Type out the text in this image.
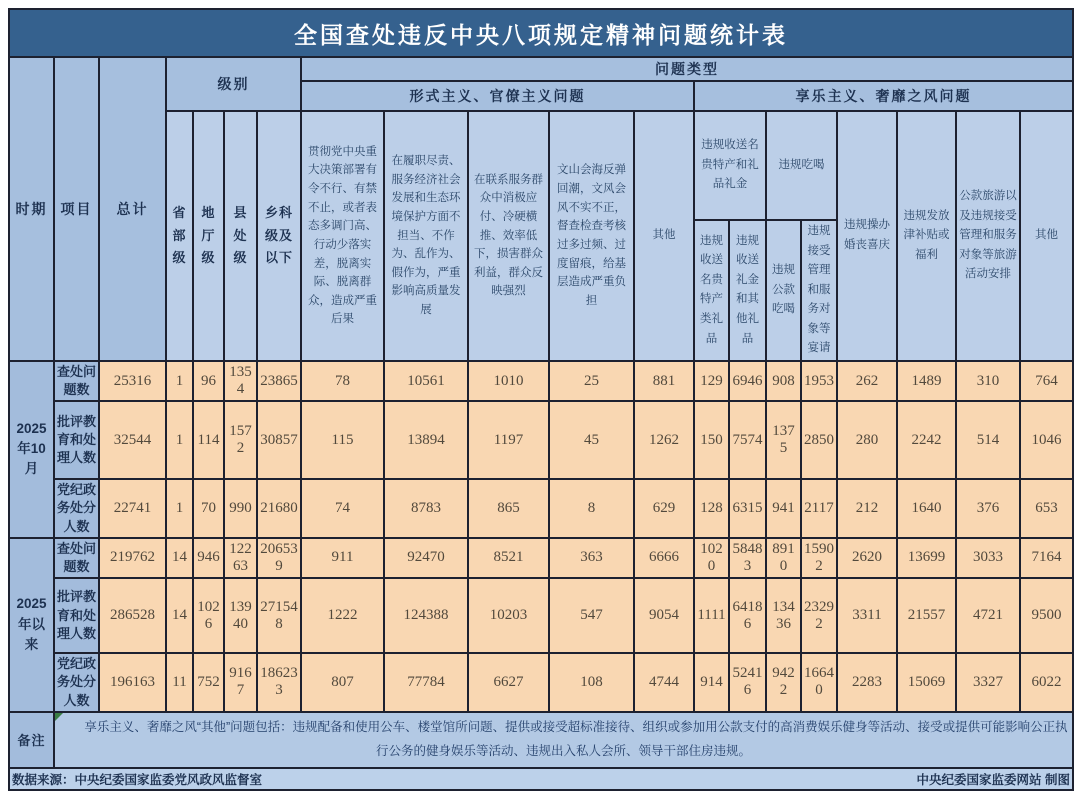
全国查处违反中央八项规定精神问题统计表																			
时期	项目	总计	级别				问题类型												
							形式主义、官僚主义问题					享乐主义、奢靡之风问题							
			省部级	地厅级	县处级	乡科级及以下	贯彻党中央重大决策部署有令不行、有禁不止，或者表态多调门高、行动少落实差，脱离实际、脱离群众，造成严重后果	在履职尽责、服务经济社会发展和生态环境保护方面不担当、不作为、乱作为、假作为，严重影响高质量发展	在联系服务群众中消极应付、冷硬横推、效率低下，损害群众利益，群众反映强烈	文山会海反弹回潮，文风会风不实不正，督查检查考核过多过频、过度留痕，给基层造成严重负担	其他	违规收送名贵特产和礼品礼金		违规吃喝		违规操办婚丧喜庆	违规发放津补贴或福利	公款旅游以及违规接受管理和服务对象等旅游活动安排	其他
												违规收送名贵特产类礼品	违规收送礼金和其他礼品	违规公款吃喝	违规接受管理和服务对象等宴请				
2025年10月	查处问题数	25316	1	96	1354	23865	78	10561	1010	25	881	129	6946	908	1953	262	1489	310	764
	批评教育和处理人数	32544	1	114	1572	30857	115	13894	1197	45	1262	150	7574	1375	2850	280	2242	514	1046
	党纪政务处分人数	22741	1	70	990	21680	74	8783	865	8	629	128	6315	941	2117	212	1640	376	653
2025年以来	查处问题数	219762	14	946	12263	206539	911	92470	8521	363	6666	1020	58483	8910	15902	2620	13699	3033	7164
	批评教育和处理人数	286528	14	1026	13940	271548	1222	124388	10203	547	9054	1111	64186	13436	23292	3311	21557	4721	9500
	党纪政务处分人数	196163	11	752	9167	186233	807	77784	6627	108	4744	914	52416	9422	16640	2283	15069	3327	6022
备注	享乐主义、奢靡之风“其他”问题包括：违规配备和使用公车、楼堂馆所问题、提供或接受超标准接待、组织或参加用公款支付的高消费娱乐健身等活动、接受或提供可能影响公正执行公务的健身娱乐等活动、违规出入私人会所、领导干部住房违规。																		

数据来源：中央纪委国家监委党风政风监督室 中央纪委国家监委网站 制图																			
